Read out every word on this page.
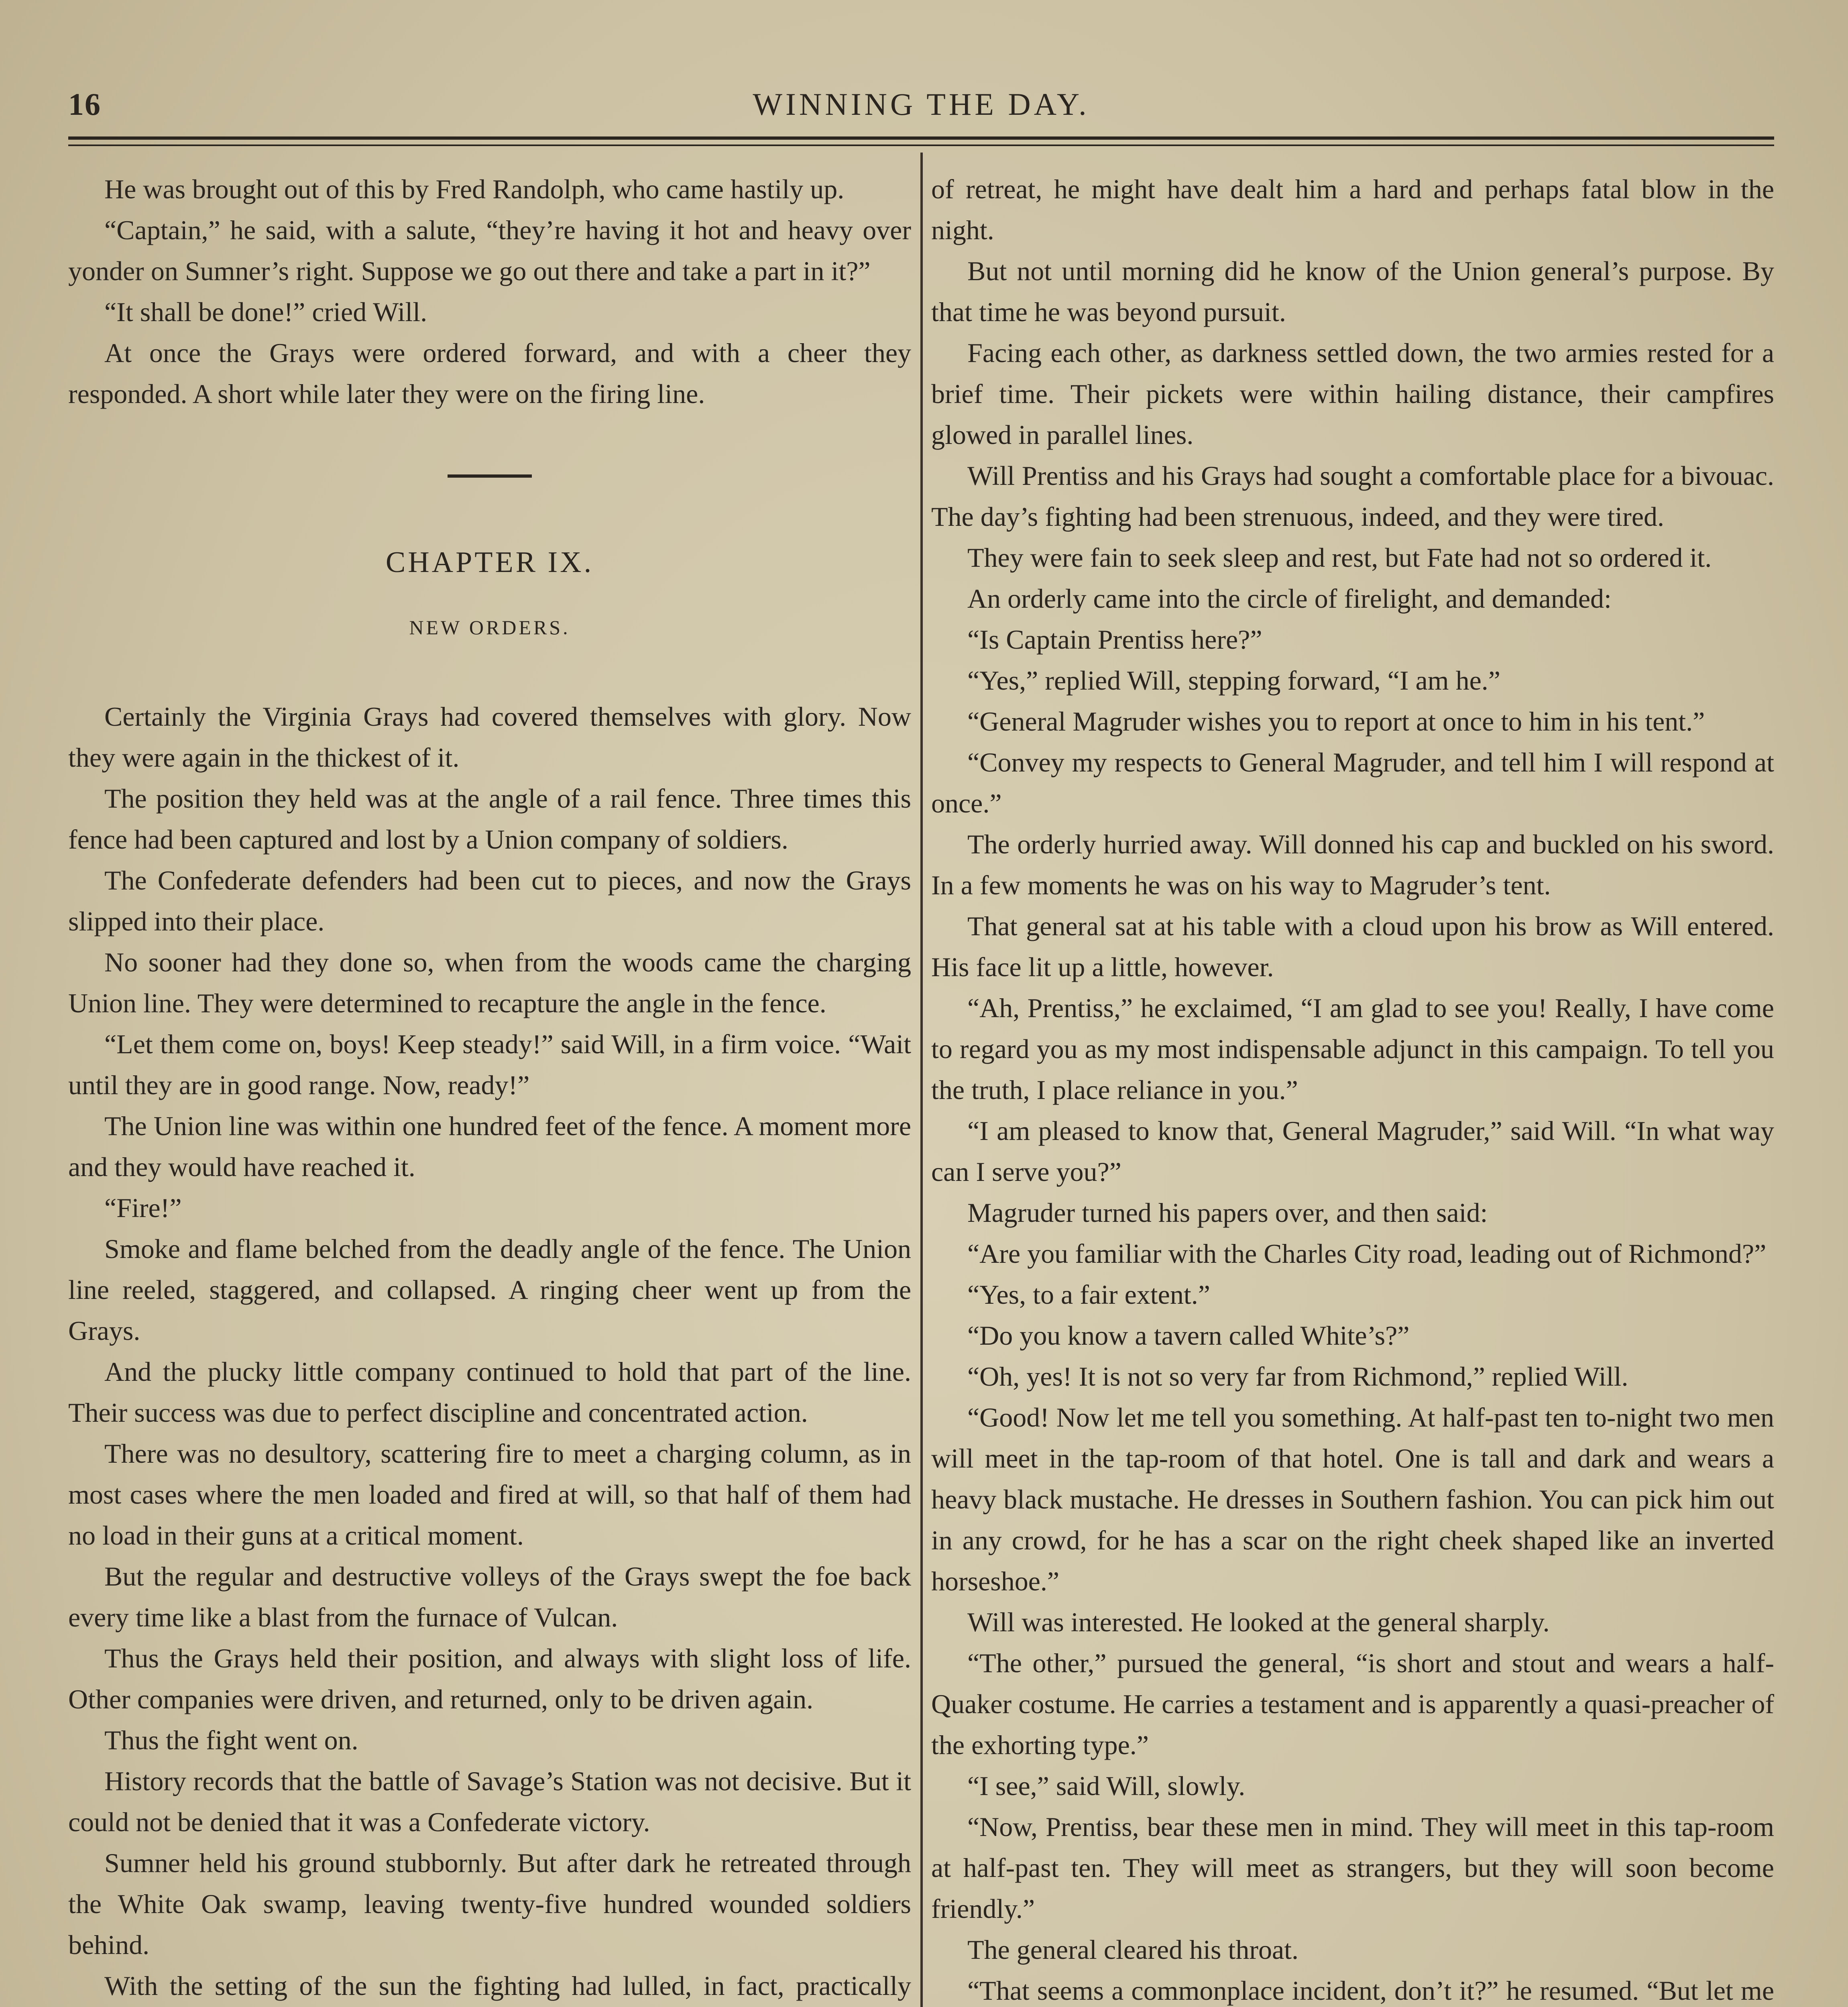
16	WINNING THE DAY.

He was brought out of this by Fred Randolph, who came hastily up.

“Captain,” he said, with a salute, “they’re having it hot and heavy over yonder on Sumner’s right. Suppose we go out there and take a part in it?”

“It shall be done!” cried Will.

At once the Grays were ordered forward, and with a cheer they responded. A short while later they were on the firing line.

CHAPTER IX.

NEW ORDERS.

Certainly the Virginia Grays had covered themselves with glory. Now they were again in the thickest of it.

The position they held was at the angle of a rail fence. Three times this fence had been captured and lost by a Union company of soldiers.

The Confederate defenders had been cut to pieces, and now the Grays slipped into their place.

No sooner had they done so, when from the woods came the charging Union line. They were determined to recapture the angle in the fence.

“Let them come on, boys! Keep steady!” said Will, in a firm voice. “Wait until they are in good range. Now, ready!”

The Union line was within one hundred feet of the fence. A moment more and they would have reached it.

“Fire!”

Smoke and flame belched from the deadly angle of the fence. The Union line reeled, staggered, and collapsed. A ringing cheer went up from the Grays.

And the plucky little company continued to hold that part of the line. Their success was due to perfect discipline and concentrated action.

There was no desultory, scattering fire to meet a charging column, as in most cases where the men loaded and fired at will, so that half of them had no load in their guns at a critical moment.

But the regular and destructive volleys of the Grays swept the foe back every time like a blast from the furnace of Vulcan.

Thus the Grays held their position, and always with slight loss of life. Other companies were driven, and returned, only to be driven again.

Thus the fight went on.

History records that the battle of Savage’s Station was not decisive. But it could not be denied that it was a Confederate victory.

Sumner held his ground stubbornly. But after dark he retreated through the White Oak swamp, leaving twenty-five hundred wounded soldiers behind.

With the setting of the sun the fighting had lulled, in fact, practically

of retreat, he might have dealt him a hard and perhaps fatal blow in the night.

But not until morning did he know of the Union general’s purpose. By that time he was beyond pursuit.

Facing each other, as darkness settled down, the two armies rested for a brief time. Their pickets were within hailing distance, their campfires glowed in parallel lines.

Will Prentiss and his Grays had sought a comfortable place for a bivouac. The day’s fighting had been strenuous, indeed, and they were tired.

They were fain to seek sleep and rest, but Fate had not so ordered it.

An orderly came into the circle of firelight, and demanded:

“Is Captain Prentiss here?”

“Yes,” replied Will, stepping forward, “I am he.”

“General Magruder wishes you to report at once to him in his tent.”

“Convey my respects to General Magruder, and tell him I will respond at once.”

The orderly hurried away. Will donned his cap and buckled on his sword. In a few moments he was on his way to Magruder’s tent.

That general sat at his table with a cloud upon his brow as Will entered. His face lit up a little, however.

“Ah, Prentiss,” he exclaimed, “I am glad to see you! Really, I have come to regard you as my most indispensable adjunct in this campaign. To tell you the truth, I place reliance in you.”

“I am pleased to know that, General Magruder,” said Will. “In what way can I serve you?”

Magruder turned his papers over, and then said:

“Are you familiar with the Charles City road, leading out of Richmond?”

“Yes, to a fair extent.”

“Do you know a tavern called White’s?”

“Oh, yes! It is not so very far from Richmond,” replied Will.

“Good! Now let me tell you something. At half-past ten to-night two men will meet in the tap-room of that hotel. One is tall and dark and wears a heavy black mustache. He dresses in Southern fashion. You can pick him out in any crowd, for he has a scar on the right cheek shaped like an inverted horseshoe.”

Will was interested. He looked at the general sharply.

“The other,” pursued the general, “is short and stout and wears a half-Quaker costume. He carries a testament and is apparently a quasi-preacher of the exhorting type.”

“I see,” said Will, slowly.

“Now, Prentiss, bear these men in mind. They will meet in this tap-room at half-past ten. They will meet as strangers, but they will soon become friendly.”

The general cleared his throat.

“That seems a commonplace incident, don’t it?” he resumed. “But let me
